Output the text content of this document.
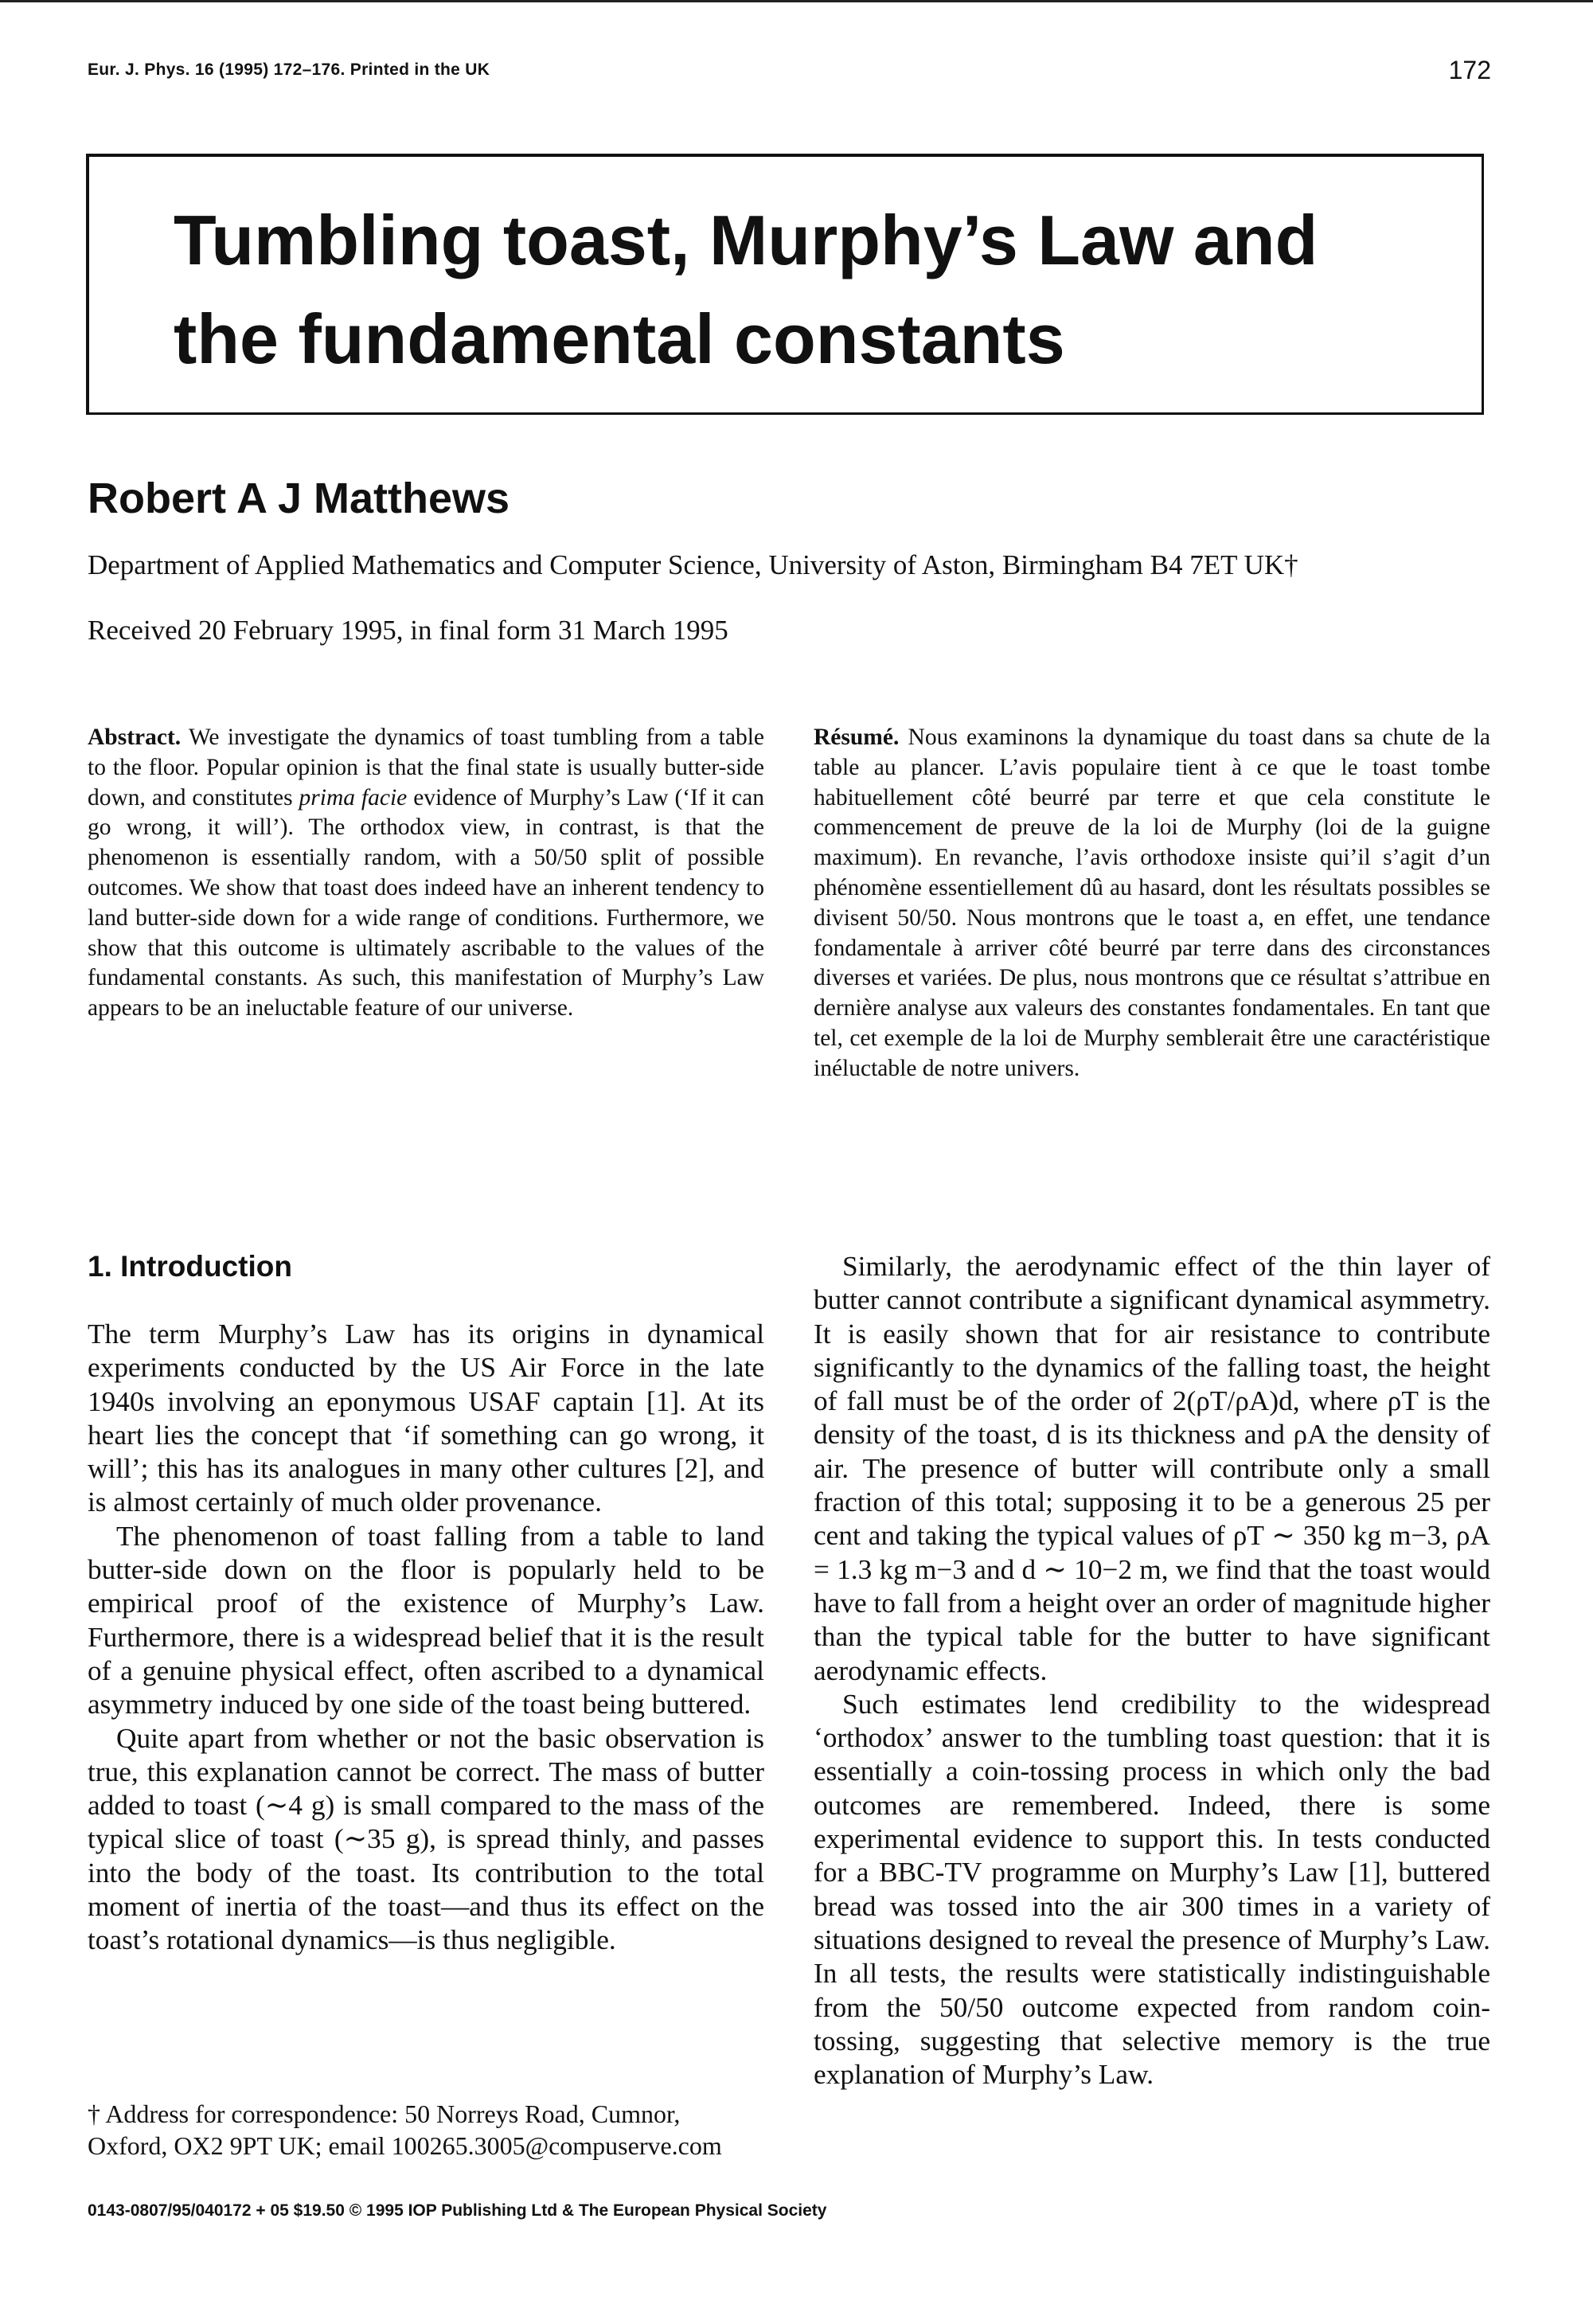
Eur. J. Phys. 16 (1995) 172–176. Printed in the UK	172
Tumbling toast, Murphy’s Law and
the fundamental constants
Robert A J Matthews
Department of Applied Mathematics and Computer Science, University of Aston, Birmingham B4 7ET UK†
Received 20 February 1995, in final form 31 March 1995
Abstract. We investigate the dynamics of toast tumbling from a table to the floor. Popular opinion is that the final state is usually butter-side down, and constitutes prima facie evidence of Murphy’s Law (‘If it can go wrong, it will’). The orthodox view, in contrast, is that the phenomenon is essentially random, with a 50/50 split of possible outcomes. We show that toast does indeed have an inherent tendency to land butter-side down for a wide range of conditions. Furthermore, we show that this outcome is ultimately ascribable to the values of the fundamental constants. As such, this manifestation of Murphy’s Law appears to be an ineluctable feature of our universe.
Résumé. Nous examinons la dynamique du toast dans sa chute de la table au plancer. L’avis populaire tient à ce que le toast tombe habituellement côté beurré par terre et que cela constitute le commencement de preuve de la loi de Murphy (loi de la guigne maximum). En revanche, l’avis orthodoxe insiste qui’il s’agit d’un phénomène essentiellement dû au hasard, dont les résultats possibles se divisent 50/50. Nous montrons que le toast a, en effet, une tendance fondamentale à arriver côté beurré par terre dans des circonstances diverses et variées. De plus, nous montrons que ce résultat s’attribue en dernière analyse aux valeurs des constantes fondamentales. En tant que tel, cet exemple de la loi de Murphy semblerait être une caractéristique inéluctable de notre univers.
1. Introduction

The term Murphy’s Law has its origins in dynamical experiments conducted by the US Air Force in the late 1940s involving an eponymous USAF captain [1]. At its heart lies the concept that ‘if something can go wrong, it will’; this has its analogues in many other cultures [2], and is almost certainly of much older provenance.

The phenomenon of toast falling from a table to land butter-side down on the floor is popularly held to be empirical proof of the existence of Murphy’s Law. Furthermore, there is a widespread belief that it is the result of a genuine physical effect, often ascribed to a dynamical asymmetry induced by one side of the toast being buttered.

Quite apart from whether or not the basic observation is true, this explanation cannot be correct. The mass of butter added to toast (∼4 g) is small compared to the mass of the typical slice of toast (∼35 g), is spread thinly, and passes into the body of the toast. Its contribution to the total moment of inertia of the toast—and thus its effect on the toast’s rotational dynamics—is thus negligible.

Similarly, the aerodynamic effect of the thin layer of butter cannot contribute a significant dynamical asymmetry. It is easily shown that for air resistance to contribute significantly to the dynamics of the falling toast, the height of fall must be of the order of 2(ρT/ρA)d, where ρT is the density of the toast, d is its thickness and ρA the density of air. The presence of butter will contribute only a small fraction of this total; supposing it to be a generous 25 per cent and taking the typical values of ρT ∼ 350 kg m−3, ρA = 1.3 kg m−3 and d ∼ 10−2 m, we find that the toast would have to fall from a height over an order of magnitude higher than the typical table for the butter to have significant aerodynamic effects.

Such estimates lend credibility to the widespread ‘orthodox’ answer to the tumbling toast question: that it is essentially a coin-tossing process in which only the bad outcomes are remembered. Indeed, there is some experimental evidence to support this. In tests conducted for a BBC-TV programme on Murphy’s Law [1], buttered bread was tossed into the air 300 times in a variety of situations designed to reveal the presence of Murphy’s Law. In all tests, the results were statistically indistinguishable from the 50/50 outcome expected from random coin-tossing, suggesting that selective memory is the true explanation of Murphy’s Law.

† Address for correspondence: 50 Norreys Road, Cumnor, Oxford, OX2 9PT UK; email 100265.3005@compuserve.com
0143-0807/95/040172 + 05 $19.50 © 1995 IOP Publishing Ltd & The European Physical Society
